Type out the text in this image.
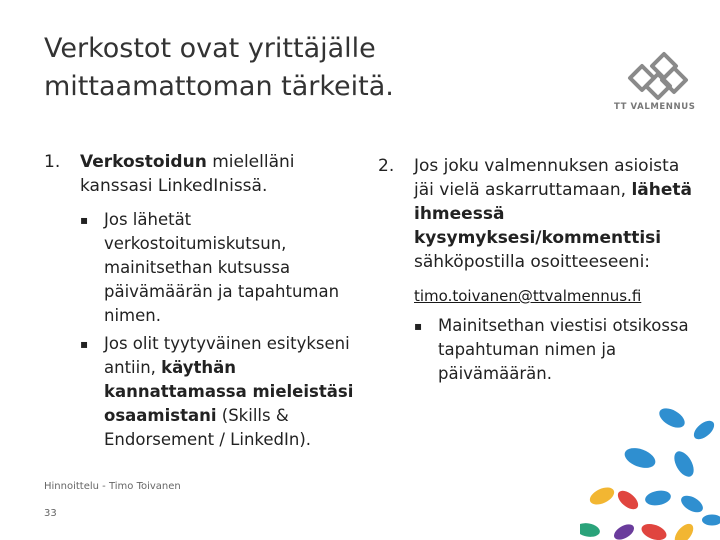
Verkostot ovat yrittäjälle mittaamattoman tärkeitä.
TT VALMENNUS
1. Verkostoidun mielelläni kanssasi LinkedInissä.
▪ Jos lähetät verkostoitumiskutsun, mainitsethan kutsussa päivämäärän ja tapahtuman nimen.
▪ Jos olit tyytyväinen esitykseni antiin, käythän kannattamassa mieleistäsi osaamistani (Skills & Endorsement / LinkedIn).
2. Jos joku valmennuksen asioista jäi vielä askarruttamaan, lähetä ihmeessä kysymyksesi/kommenttisi sähköpostilla osoitteeseeni:
timo.toivanen@ttvalmennus.fi
▪ Mainitsethan viestisi otsikossa tapahtuman nimen ja päivämäärän.
Hinnoittelu - Timo Toivanen
33
